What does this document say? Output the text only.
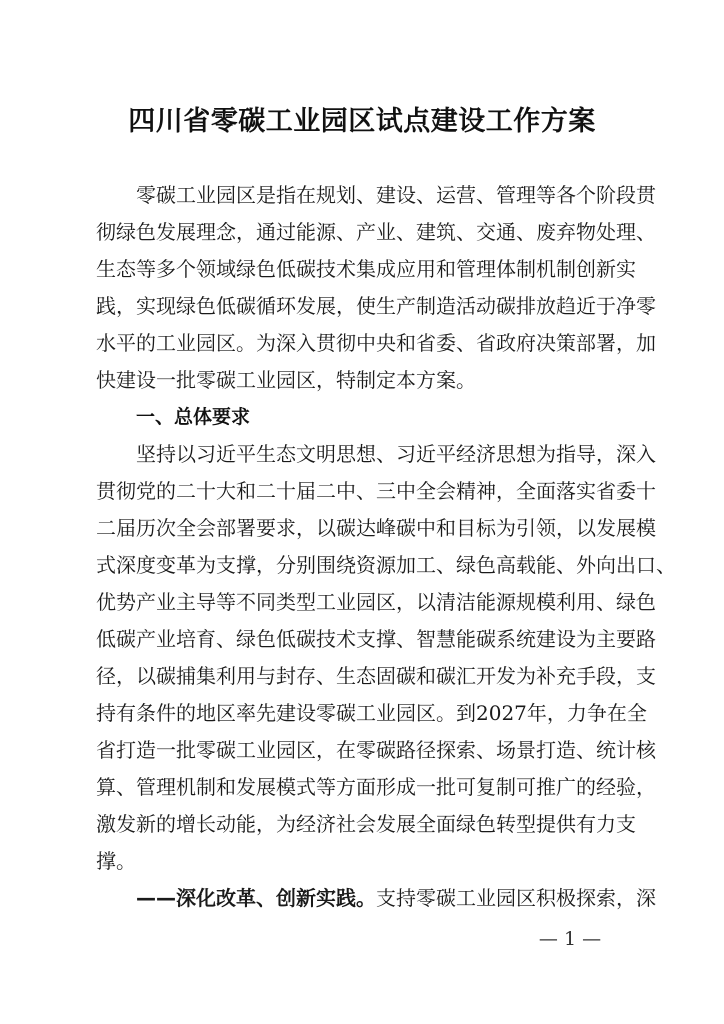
四川省零碳工业园区试点建设工作方案
零碳工业园区是指在规划、建设、运营、管理等各个阶段贯
彻绿色发展理念，通过能源、产业、建筑、交通、废弃物处理、
生态等多个领域绿色低碳技术集成应用和管理体制机制创新实
践，实现绿色低碳循环发展，使生产制造活动碳排放趋近于净零
水平的工业园区。为深入贯彻中央和省委、省政府决策部署，加
快建设一批零碳工业园区，特制定本方案。
一、总体要求
坚持以习近平生态文明思想、习近平经济思想为指导，深入
贯彻党的二十大和二十届二中、三中全会精神，全面落实省委十
二届历次全会部署要求，以碳达峰碳中和目标为引领，以发展模
式深度变革为支撑，分别围绕资源加工、绿色高载能、外向出口、
优势产业主导等不同类型工业园区，以清洁能源规模利用、绿色
低碳产业培育、绿色低碳技术支撑、智慧能碳系统建设为主要路
径，以碳捕集利用与封存、生态固碳和碳汇开发为补充手段，支
持有条件的地区率先建设零碳工业园区。到2027年，力争在全
省打造一批零碳工业园区，在零碳路径探索、场景打造、统计核
算、管理机制和发展模式等方面形成一批可复制可推广的经验，
激发新的增长动能，为经济社会发展全面绿色转型提供有力支
撑。
——深化改革、创新实践。支持零碳工业园区积极探索，深
— 1 —
